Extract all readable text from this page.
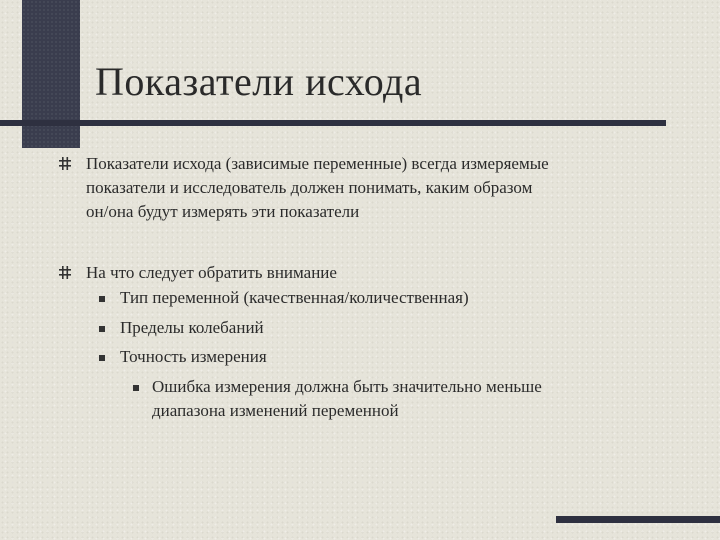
Показатели исхода
Показатели исхода (зависимые переменные) всегда измеряемые
показатели и исследователь должен понимать, каким образом
он/она будут измерять эти показатели
На что следует обратить внимание
Тип переменной (качественная/количественная)
Пределы колебаний
Точность измерения
Ошибка измерения должна быть значительно меньше
диапазона изменений переменной
